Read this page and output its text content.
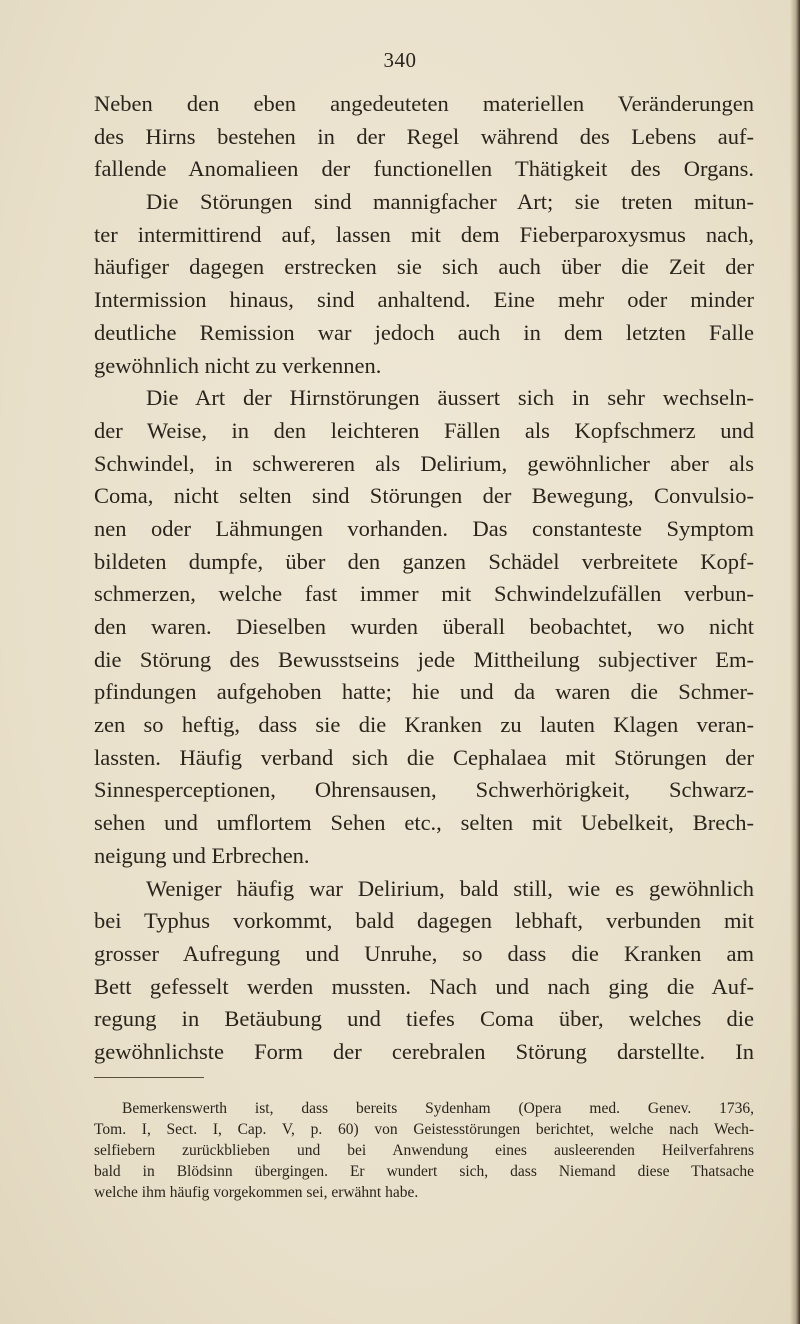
340
Neben den eben angedeuteten materiellen Veränderungen
des Hirns bestehen in der Regel während des Lebens auf-
fallende Anomalieen der functionellen Thätigkeit des Organs.
Die Störungen sind mannigfacher Art; sie treten mitun-
ter intermittirend auf, lassen mit dem Fieberparoxysmus nach,
häufiger dagegen erstrecken sie sich auch über die Zeit der
Intermission hinaus, sind anhaltend. Eine mehr oder minder
deutliche Remission war jedoch auch in dem letzten Falle
gewöhnlich nicht zu verkennen.
Die Art der Hirnstörungen äussert sich in sehr wechseln-
der Weise, in den leichteren Fällen als Kopfschmerz und
Schwindel, in schwereren als Delirium, gewöhnlicher aber als
Coma, nicht selten sind Störungen der Bewegung, Convulsio-
nen oder Lähmungen vorhanden. Das constanteste Symptom
bildeten dumpfe, über den ganzen Schädel verbreitete Kopf-
schmerzen, welche fast immer mit Schwindelzufällen verbun-
den waren. Dieselben wurden überall beobachtet, wo nicht
die Störung des Bewusstseins jede Mittheilung subjectiver Em-
pfindungen aufgehoben hatte; hie und da waren die Schmer-
zen so heftig, dass sie die Kranken zu lauten Klagen veran-
lassten. Häufig verband sich die Cephalaea mit Störungen der
Sinnesperceptionen, Ohrensausen, Schwerhörigkeit, Schwarz-
sehen und umflortem Sehen etc., selten mit Uebelkeit, Brech-
neigung und Erbrechen.
Weniger häufig war Delirium, bald still, wie es gewöhnlich
bei Typhus vorkommt, bald dagegen lebhaft, verbunden mit
grosser Aufregung und Unruhe, so dass die Kranken am
Bett gefesselt werden mussten. Nach und nach ging die Auf-
regung in Betäubung und tiefes Coma über, welches die
gewöhnlichste Form der cerebralen Störung darstellte. In
Bemerkenswerth ist, dass bereits Sydenham (Opera med. Genev. 1736,
Tom. I, Sect. I, Cap. V, p. 60) von Geistesstörungen berichtet, welche nach Wech-
selfiebern zurückblieben und bei Anwendung eines ausleerenden Heilverfahrens
bald in Blödsinn übergingen. Er wundert sich, dass Niemand diese Thatsache
welche ihm häufig vorgekommen sei, erwähnt habe.
